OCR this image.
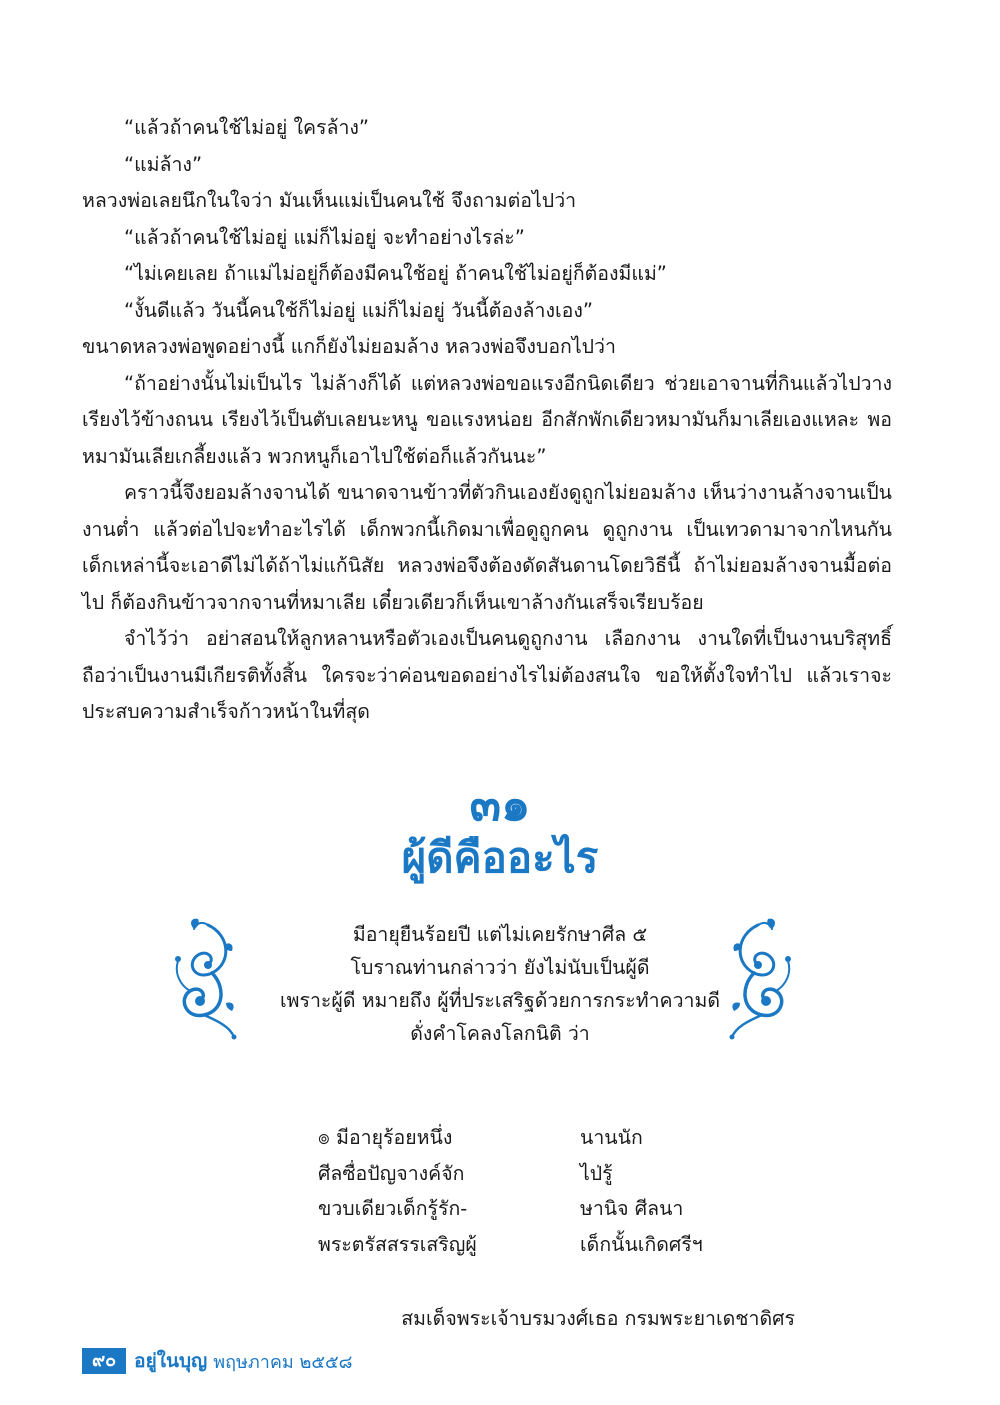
“แล้วถ้าคนใช้ไม่อยู่ ใครล้าง”

“แม่ล้าง”

หลวงพ่อเลยนึกในใจว่า มันเห็นแม่เป็นคนใช้ จึงถามต่อไปว่า

“แล้วถ้าคนใช้ไม่อยู่ แม่ก็ไม่อยู่ จะทำอย่างไรล่ะ”

“ไม่เคยเลย ถ้าแม่ไม่อยู่ก็ต้องมีคนใช้อยู่ ถ้าคนใช้ไม่อยู่ก็ต้องมีแม่”

“งั้นดีแล้ว วันนี้คนใช้ก็ไม่อยู่ แม่ก็ไม่อยู่ วันนี้ต้องล้างเอง”

ขนาดหลวงพ่อพูดอย่างนี้ แกก็ยังไม่ยอมล้าง หลวงพ่อจึงบอกไปว่า

“ถ้าอย่างนั้นไม่เป็นไร ไม่ล้างก็ได้ แต่หลวงพ่อขอแรงอีกนิดเดียว ช่วยเอาจานที่กินแล้วไปวางเรียงไว้ข้างถนน เรียงไว้เป็นตับเลยนะหนู ขอแรงหน่อย อีกสักพักเดียวหมามันก็มาเลียเองแหละ พอหมามันเลียเกลี้ยงแล้ว พวกหนูก็เอาไปใช้ต่อก็แล้วกันนะ”

คราวนี้จึงยอมล้างจานได้ ขนาดจานข้าวที่ตัวกินเองยังดูถูกไม่ยอมล้าง เห็นว่างานล้างจานเป็นงานต่ำ แล้วต่อไปจะทำอะไรได้ เด็กพวกนี้เกิดมาเพื่อดูถูกคน ดูถูกงาน เป็นเทวดามาจากไหนกัน เด็กเหล่านี้จะเอาดีไม่ได้ถ้าไม่แก้นิสัย หลวงพ่อจึงต้องดัดสันดานโดยวิธีนี้ ถ้าไม่ยอมล้างจานมื้อต่อไป ก็ต้องกินข้าวจากจานที่หมาเลีย เดี๋ยวเดียวก็เห็นเขาล้างกันเสร็จเรียบร้อย

จำไว้ว่า อย่าสอนให้ลูกหลานหรือตัวเองเป็นคนดูถูกงาน เลือกงาน งานใดที่เป็นงานบริสุทธิ์ถือว่าเป็นงานมีเกียรติทั้งสิ้น ใครจะว่าค่อนขอดอย่างไรไม่ต้องสนใจ ขอให้ตั้งใจทำไป แล้วเราจะประสบความสำเร็จก้าวหน้าในที่สุด

๓๑
ผู้ดีคืออะไร
มีอายุยืนร้อยปี แต่ไม่เคยรักษาศีล ๕
โบราณท่านกล่าวว่า ยังไม่นับเป็นผู้ดี
เพราะผู้ดี หมายถึง ผู้ที่ประเสริฐด้วยการกระทำความดี
ดั่งคำโคลงโลกนิติ ว่า
๏ มีอายุร้อยหนึ่ง	นานนัก
ศีลซื่อปัญจางค์จัก	ไป่รู้
ขวบเดียวเด็กรู้รัก-	ษานิจ ศีลนา
พระตรัสสรรเสริญผู้	เด็กนั้นเกิดศรีฯ
สมเด็จพระเจ้าบรมวงศ์เธอ กรมพระยาเดชาดิศร
๙๐ อยู่ในบุญ พฤษภาคม ๒๕๕๘
